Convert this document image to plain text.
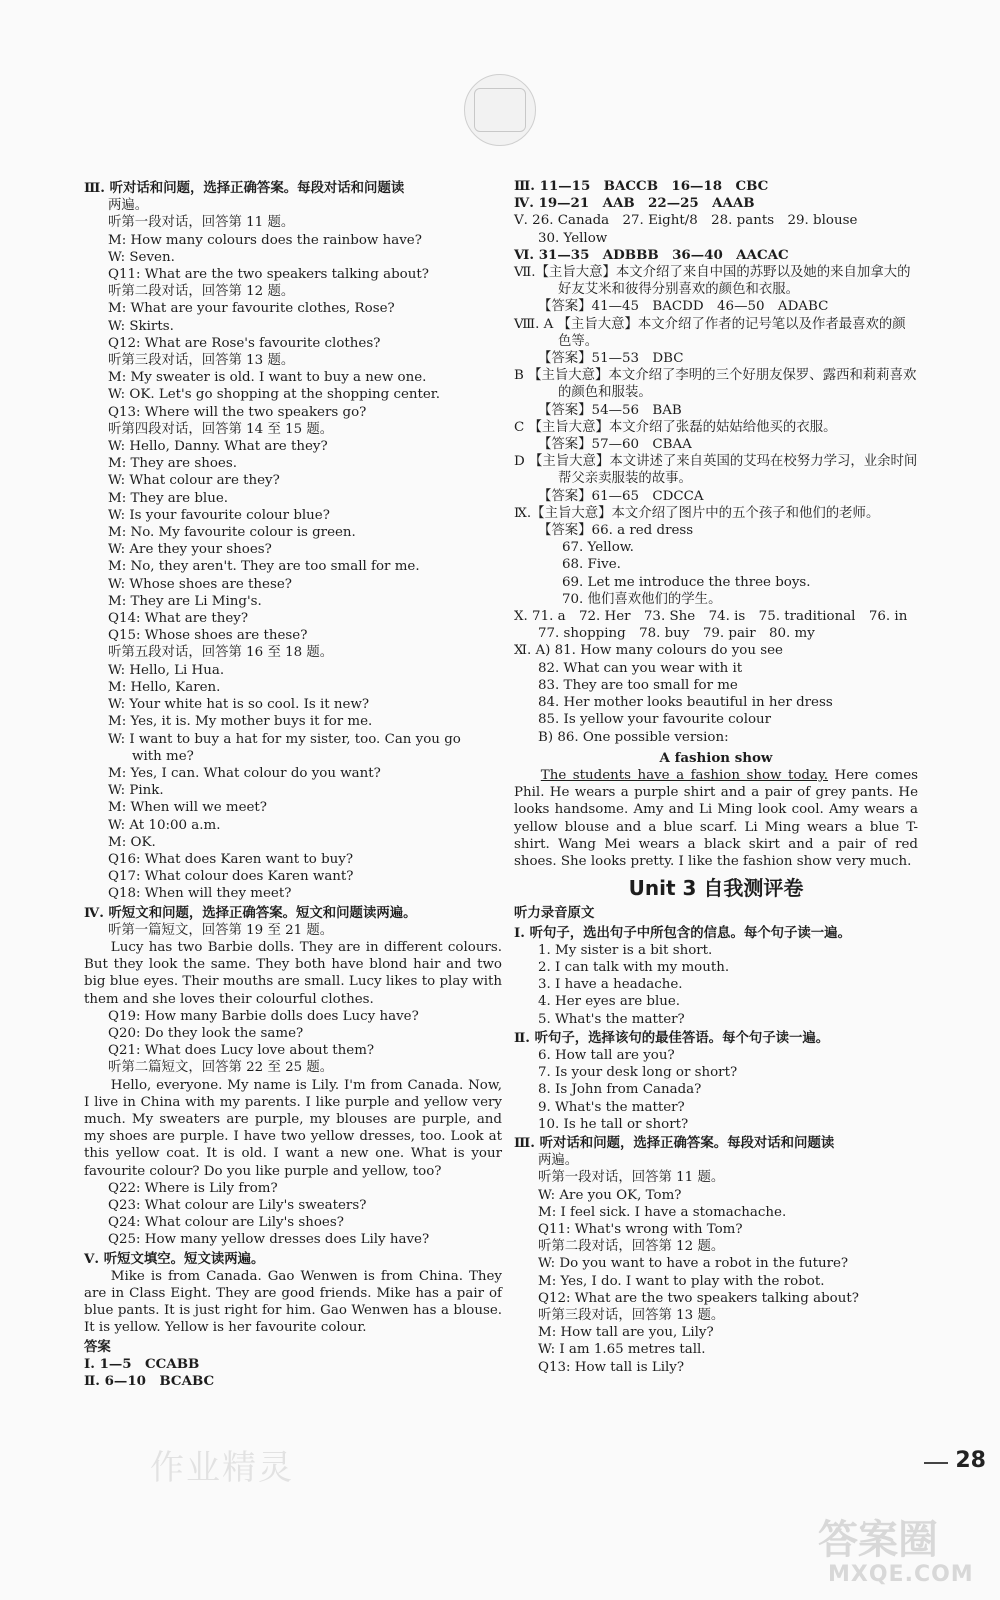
Ⅲ. 听对话和问题，选择正确答案。每段对话和问题读
两遍。
听第一段对话，回答第 11 题。
M: How many colours does the rainbow have?
W: Seven.
Q11: What are the two speakers talking about?
听第二段对话，回答第 12 题。
M: What are your favourite clothes, Rose?
W: Skirts.
Q12: What are Rose's favourite clothes?
听第三段对话，回答第 13 题。
M: My sweater is old. I want to buy a new one.
W: OK. Let's go shopping at the shopping center.
Q13: Where will the two speakers go?
听第四段对话，回答第 14 至 15 题。
W: Hello, Danny. What are they?
M: They are shoes.
W: What colour are they?
M: They are blue.
W: Is your favourite colour blue?
M: No. My favourite colour is green.
W: Are they your shoes?
M: No, they aren't. They are too small for me.
W: Whose shoes are these?
M: They are Li Ming's.
Q14: What are they?
Q15: Whose shoes are these?
听第五段对话，回答第 16 至 18 题。
W: Hello, Li Hua.
M: Hello, Karen.
W: Your white hat is so cool. Is it new?
M: Yes, it is. My mother buys it for me.
W: I want to buy a hat for my sister, too. Can you go
with me?
M: Yes, I can. What colour do you want?
W: Pink.
M: When will we meet?
W: At 10:00 a.m.
M: OK.
Q16: What does Karen want to buy?
Q17: What colour does Karen want?
Q18: When will they meet?
Ⅳ. 听短文和问题，选择正确答案。短文和问题读两遍。
听第一篇短文，回答第 19 至 21 题。
Lucy has two Barbie dolls. They are in different colours. But they look the same. They both have blond hair and two big blue eyes. Their mouths are small. Lucy likes to play with them and she loves their colourful clothes.
Q19: How many Barbie dolls does Lucy have?
Q20: Do they look the same?
Q21: What does Lucy love about them?
听第二篇短文，回答第 22 至 25 题。
Hello, everyone. My name is Lily. I'm from Canada. Now, I live in China with my parents. I like purple and yellow very much. My sweaters are purple, my blouses are purple, and my shoes are purple. I have two yellow dresses, too. Look at this yellow coat. It is old. I want a new one. What is your favourite colour? Do you like purple and yellow, too?
Q22: Where is Lily from?
Q23: What colour are Lily's sweaters?
Q24: What colour are Lily's shoes?
Q25: How many yellow dresses does Lily have?
Ⅴ. 听短文填空。短文读两遍。
Mike is from Canada. Gao Wenwen is from China. They are in Class Eight. They are good friends. Mike has a pair of blue pants. It is just right for him. Gao Wenwen has a blouse. It is yellow. Yellow is her favourite colour.
答案
Ⅰ. 1—5　CCABB
Ⅱ. 6—10　BCABC
Ⅲ. 11—15　BACCB　16—18　CBC
Ⅳ. 19—21　AAB　22—25　AAAB
Ⅴ. 26. Canada　27. Eight/8　28. pants　29. blouse
30. Yellow
Ⅵ. 31—35　ADBBB　36—40　AACAC
Ⅶ.【主旨大意】本文介绍了来自中国的苏野以及她的来自加拿大的好友艾米和彼得分别喜欢的颜色和衣服。
【答案】41—45　BACDD　46—50　ADABC
Ⅷ. A 【主旨大意】本文介绍了作者的记号笔以及作者最喜欢的颜色等。
【答案】51—53　DBC
B 【主旨大意】本文介绍了李明的三个好朋友保罗、露西和莉莉喜欢的颜色和服装。
【答案】54—56　BAB
C 【主旨大意】本文介绍了张磊的姑姑给他买的衣服。
【答案】57—60　CBAA
D 【主旨大意】本文讲述了来自英国的艾玛在校努力学习，业余时间帮父亲卖服装的故事。
【答案】61—65　CDCCA
Ⅸ.【主旨大意】本文介绍了图片中的五个孩子和他们的老师。
【答案】66. a red dress
67. Yellow.
68. Five.
69. Let me introduce the three boys.
70. 他们喜欢他们的学生。
Ⅹ. 71. a　72. Her　73. She　74. is　75. traditional　76. in
77. shopping　78. buy　79. pair　80. my
Ⅺ. A) 81. How many colours do you see
82. What can you wear with it
83. They are too small for me
84. Her mother looks beautiful in her dress
85. Is yellow your favourite colour
B) 86. One possible version:
A fashion show
The students have a fashion show today. Here comes Phil. He wears a purple shirt and a pair of grey pants. He looks handsome. Amy and Li Ming look cool. Amy wears a yellow blouse and a blue scarf. Li Ming wears a blue T-shirt. Wang Mei wears a black skirt and a pair of red shoes. She looks pretty. I like the fashion show very much.
Unit 3 自我测评卷
听力录音原文
Ⅰ. 听句子，选出句子中所包含的信息。每个句子读一遍。
1. My sister is a bit short.
2. I can talk with my mouth.
3. I have a headache.
4. Her eyes are blue.
5. What's the matter?
Ⅱ. 听句子，选择该句的最佳答语。每个句子读一遍。
6. How tall are you?
7. Is your desk long or short?
8. Is John from Canada?
9. What's the matter?
10. Is he tall or short?
Ⅲ. 听对话和问题，选择正确答案。每段对话和问题读
两遍。
听第一段对话，回答第 11 题。
W: Are you OK, Tom?
M: I feel sick. I have a stomachache.
Q11: What's wrong with Tom?
听第二段对话，回答第 12 题。
W: Do you want to have a robot in the future?
M: Yes, I do. I want to play with the robot.
Q12: What are the two speakers talking about?
听第三段对话，回答第 13 题。
M: How tall are you, Lily?
W: I am 1.65 metres tall.
Q13: How tall is Lily?
28
作业精灵
答案圈
MXQE.COM
